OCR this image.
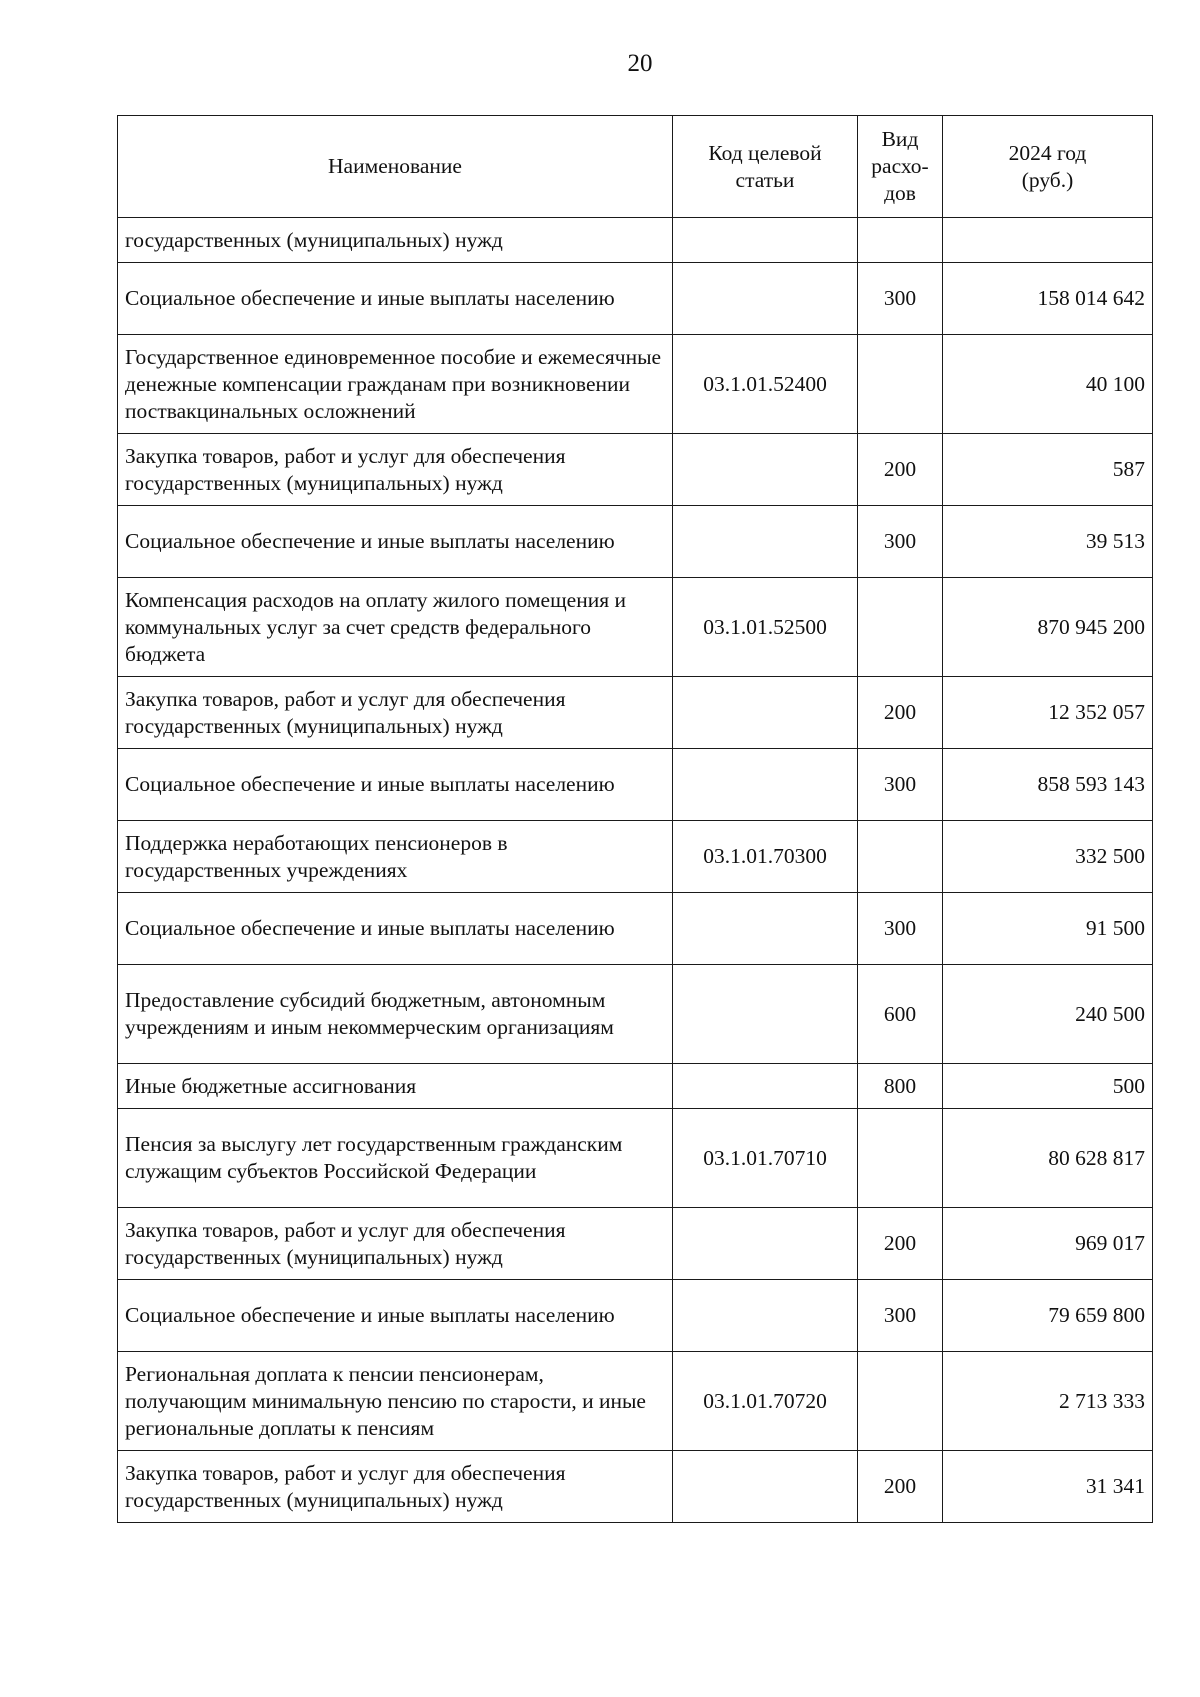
20
Наименование	Код целевой статьи	Вид расхо-дов	2024 год (руб.)
государственных (муниципальных) нужд			
Социальное обеспечение и иные выплаты населению		300	158 014 642
Государственное единовременное пособие и ежемесячные денежные компенсации гражданам при возникновении поствакцинальных осложнений	03.1.01.52400		40 100
Закупка товаров, работ и услуг для обеспечения государственных (муниципальных) нужд		200	587
Социальное обеспечение и иные выплаты населению		300	39 513
Компенсация расходов на оплату жилого помещения и коммунальных услуг за счет средств федерального бюджета	03.1.01.52500		870 945 200
Закупка товаров, работ и услуг для обеспечения государственных (муниципальных) нужд		200	12 352 057
Социальное обеспечение и иные выплаты населению		300	858 593 143
Поддержка неработающих пенсионеров в государственных учреждениях	03.1.01.70300		332 500
Социальное обеспечение и иные выплаты населению		300	91 500
Предоставление субсидий бюджетным, автономным учреждениям и иным некоммерческим организациям		600	240 500
Иные бюджетные ассигнования		800	500
Пенсия за выслугу лет государственным гражданским служащим субъектов Российской Федерации	03.1.01.70710		80 628 817
Закупка товаров, работ и услуг для обеспечения государственных (муниципальных) нужд		200	969 017
Социальное обеспечение и иные выплаты населению		300	79 659 800
Региональная доплата к пенсии пенсионерам, получающим минимальную пенсию по старости, и иные региональные доплаты к пенсиям	03.1.01.70720		2 713 333
Закупка товаров, работ и услуг для обеспечения государственных (муниципальных) нужд		200	31 341
